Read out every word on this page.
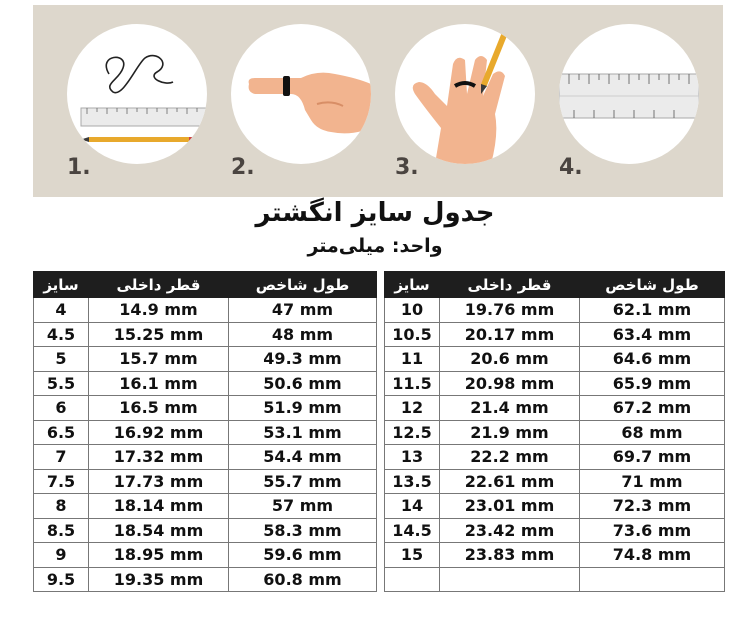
1.	2.	3.	4.
جدول سایز انگشتر
واحد: میلی‌متر
سایز	قطر داخلی	طول شاخص		سایز	قطر داخلی	طول شاخص
4	14.9 mm	47 mm		10	19.76 mm	62.1 mm
4.5	15.25 mm	48 mm		10.5	20.17 mm	63.4 mm
5	15.7 mm	49.3 mm		11	20.6 mm	64.6 mm
5.5	16.1 mm	50.6 mm		11.5	20.98 mm	65.9 mm
6	16.5 mm	51.9 mm		12	21.4 mm	67.2 mm
6.5	16.92 mm	53.1 mm		12.5	21.9 mm	68 mm
7	17.32 mm	54.4 mm		13	22.2 mm	69.7 mm
7.5	17.73 mm	55.7 mm		13.5	22.61 mm	71 mm
8	18.14 mm	57 mm		14	23.01 mm	72.3 mm
8.5	18.54 mm	58.3 mm		14.5	23.42 mm	73.6 mm
9	18.95 mm	59.6 mm		15	23.83 mm	74.8 mm
9.5	19.35 mm	60.8 mm				
